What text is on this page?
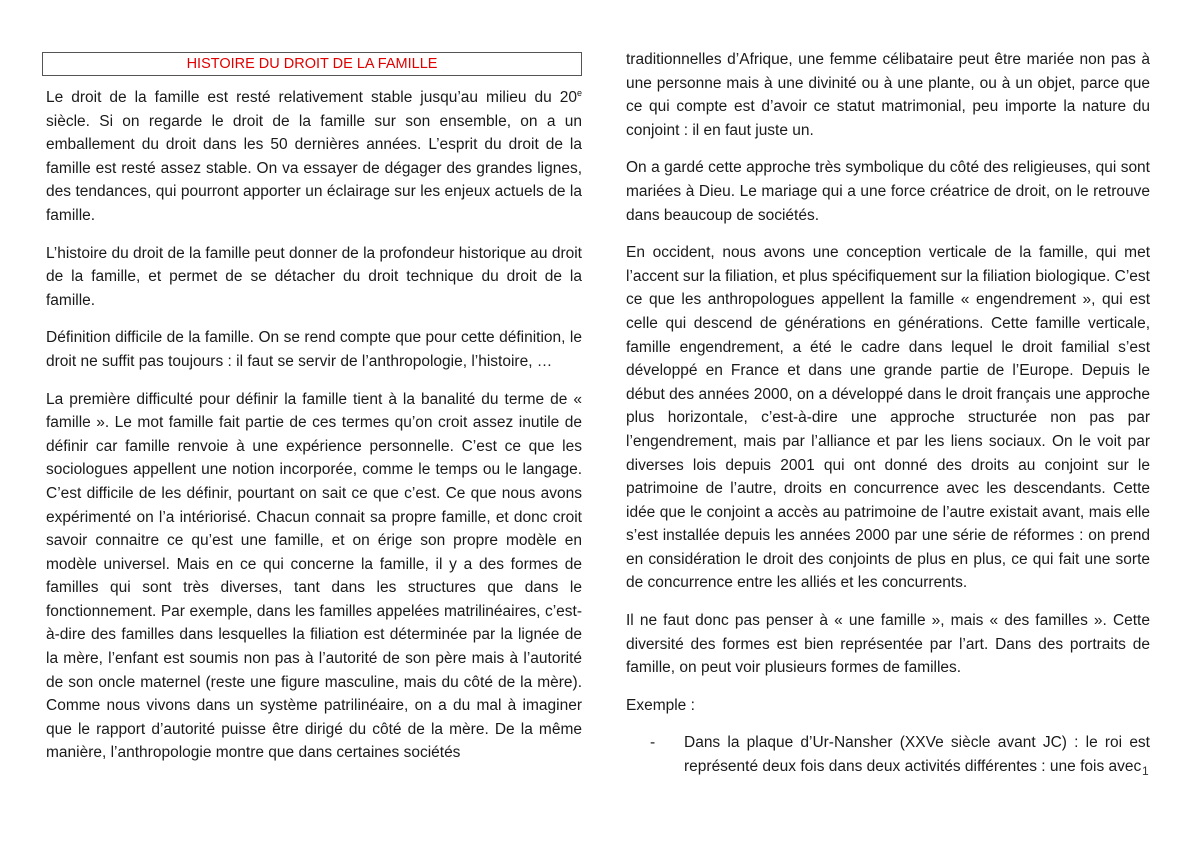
HISTOIRE DU DROIT DE LA FAMILLE

Le droit de la famille est resté relativement stable jusqu’au milieu du 20e siècle. Si on regarde le droit de la famille sur son ensemble, on a un emballement du droit dans les 50 dernières années. L’esprit du droit de la famille est resté assez stable. On va essayer de dégager des grandes lignes, des tendances, qui pourront apporter un éclairage sur les enjeux actuels de la famille.

L’histoire du droit de la famille peut donner de la profondeur historique au droit de la famille, et permet de se détacher du droit technique du droit de la famille.

Définition difficile de la famille. On se rend compte que pour cette définition, le droit ne suffit pas toujours : il faut se servir de l’anthropologie, l’histoire, …

La première difficulté pour définir la famille tient à la banalité du terme de « famille ». Le mot famille fait partie de ces termes qu’on croit assez inutile de définir car famille renvoie à une expérience personnelle. C’est ce que les sociologues appellent une notion incorporée, comme le temps ou le langage. C’est difficile de les définir, pourtant on sait ce que c’est. Ce que nous avons expérimenté on l’a intériorisé. Chacun connait sa propre famille, et donc croit savoir connaitre ce qu’est une famille, et on érige son propre modèle en modèle universel. Mais en ce qui concerne la famille, il y a des formes de familles qui sont très diverses, tant dans les structures que dans le fonctionnement. Par exemple, dans les familles appelées matrilinéaires, c’est-à-dire des familles dans lesquelles la filiation est déterminée par la lignée de la mère, l’enfant est soumis non pas à l’autorité de son père mais à l’autorité de son oncle maternel (reste une figure masculine, mais du côté de la mère). Comme nous vivons dans un système patrilinéaire, on a du mal à imaginer que le rapport d’autorité puisse être dirigé du côté de la mère. De la même manière, l’anthropologie montre que dans certaines sociétés

traditionnelles d’Afrique, une femme célibataire peut être mariée non pas à une personne mais à une divinité ou à une plante, ou à un objet, parce que ce qui compte est d’avoir ce statut matrimonial, peu importe la nature du conjoint : il en faut juste un.

On a gardé cette approche très symbolique du côté des religieuses, qui sont mariées à Dieu. Le mariage qui a une force créatrice de droit, on le retrouve dans beaucoup de sociétés.

En occident, nous avons une conception verticale de la famille, qui met l’accent sur la filiation, et plus spécifiquement sur la filiation biologique. C’est ce que les anthropologues appellent la famille « engendrement », qui est celle qui descend de générations en générations. Cette famille verticale, famille engendrement, a été le cadre dans lequel le droit familial s’est développé en France et dans une grande partie de l’Europe. Depuis le début des années 2000, on a développé dans le droit français une approche plus horizontale, c’est-à-dire une approche structurée non pas par l’engendrement, mais par l’alliance et par les liens sociaux. On le voit par diverses lois depuis 2001 qui ont donné des droits au conjoint sur le patrimoine de l’autre, droits en concurrence avec les descendants. Cette idée que le conjoint a accès au patrimoine de l’autre existait avant, mais elle s’est installée depuis les années 2000 par une série de réformes : on prend en considération le droit des conjoints de plus en plus, ce qui fait une sorte de concurrence entre les alliés et les concurrents.

Il ne faut donc pas penser à « une famille », mais « des familles ». Cette diversité des formes est bien représentée par l’art. Dans des portraits de famille, on peut voir plusieurs formes de familles.

Exemple :

-	Dans la plaque d’Ur-Nansher (XXVe siècle avant JC) : le roi est représenté deux fois dans deux activités différentes : une fois avec 1
